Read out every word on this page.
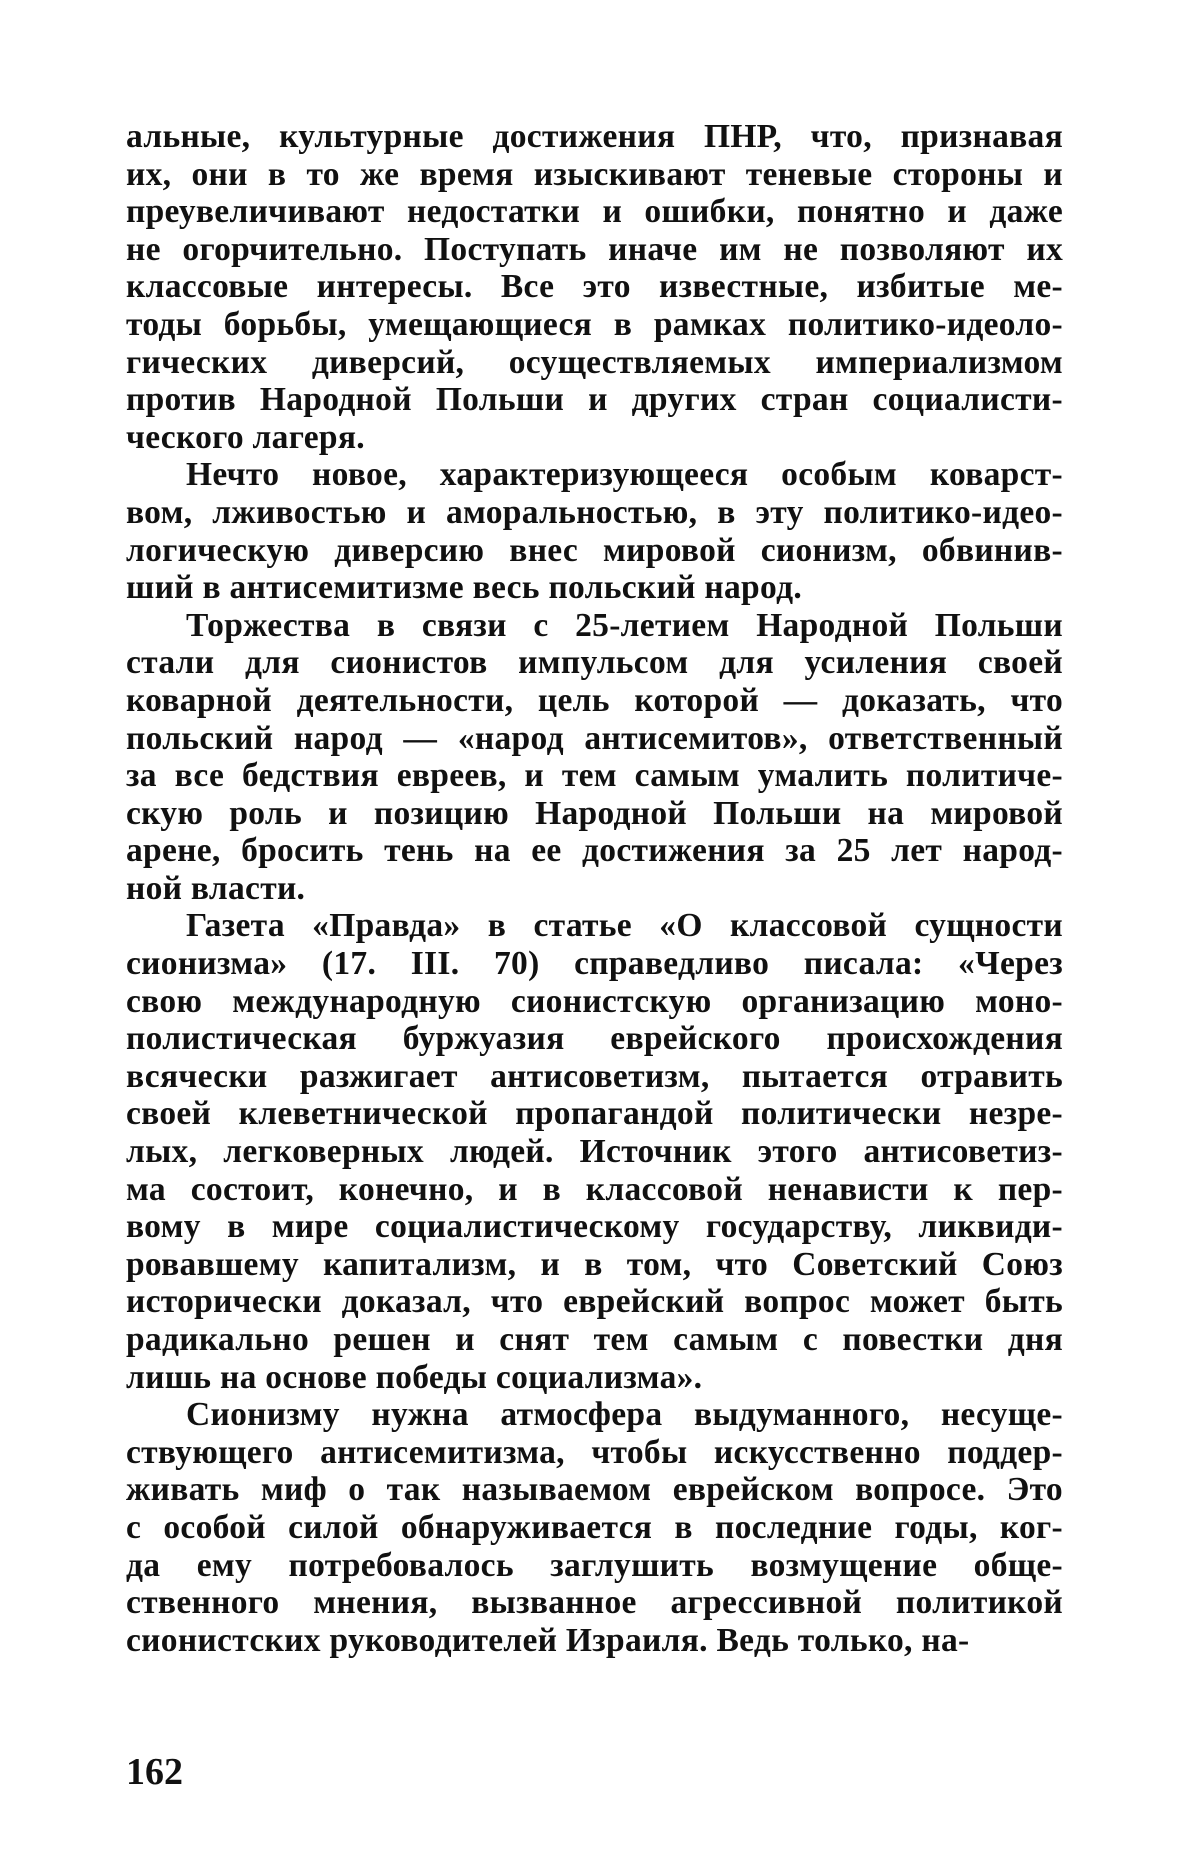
альные, культурные достижения ПНР, что, признавая
их, они в то же время изыскивают теневые стороны и
преувеличивают недостатки и ошибки, понятно и даже
не огорчительно. Поступать иначе им не позволяют их
классовые интересы. Все это известные, избитые ме-
тоды борьбы, умещающиеся в рамках политико-идеоло-
гических диверсий, осуществляемых империализмом
против Народной Польши и других стран социалисти-
ческого лагеря.
Нечто новое, характеризующееся особым коварст-
вом, лживостью и аморальностью, в эту политико-идео-
логическую диверсию внес мировой сионизм, обвинив-
ший в антисемитизме весь польский народ.
Торжества в связи с 25-летием Народной Польши
стали для сионистов импульсом для усиления своей
коварной деятельности, цель которой — доказать, что
польский народ — «народ антисемитов», ответственный
за все бедствия евреев, и тем самым умалить политиче-
скую роль и позицию Народной Польши на мировой
арене, бросить тень на ее достижения за 25 лет народ-
ной власти.
Газета «Правда» в статье «О классовой сущности
сионизма» (17. III. 70) справедливо писала: «Через
свою международную сионистскую организацию моно-
полистическая буржуазия еврейского происхождения
всячески разжигает антисоветизм, пытается отравить
своей клеветнической пропагандой политически незре-
лых, легковерных людей. Источник этого антисоветиз-
ма состоит, конечно, и в классовой ненависти к пер-
вому в мире социалистическому государству, ликвиди-
ровавшему капитализм, и в том, что Советский Союз
исторически доказал, что еврейский вопрос может быть
радикально решен и снят тем самым с повестки дня
лишь на основе победы социализма».
Сионизму нужна атмосфера выдуманного, несуще-
ствующего антисемитизма, чтобы искусственно поддер-
живать миф о так называемом еврейском вопросе. Это
с особой силой обнаруживается в последние годы, ког-
да ему потребовалось заглушить возмущение обще-
ственного мнения, вызванное агрессивной политикой
сионистских руководителей Израиля. Ведь только, на-
162
